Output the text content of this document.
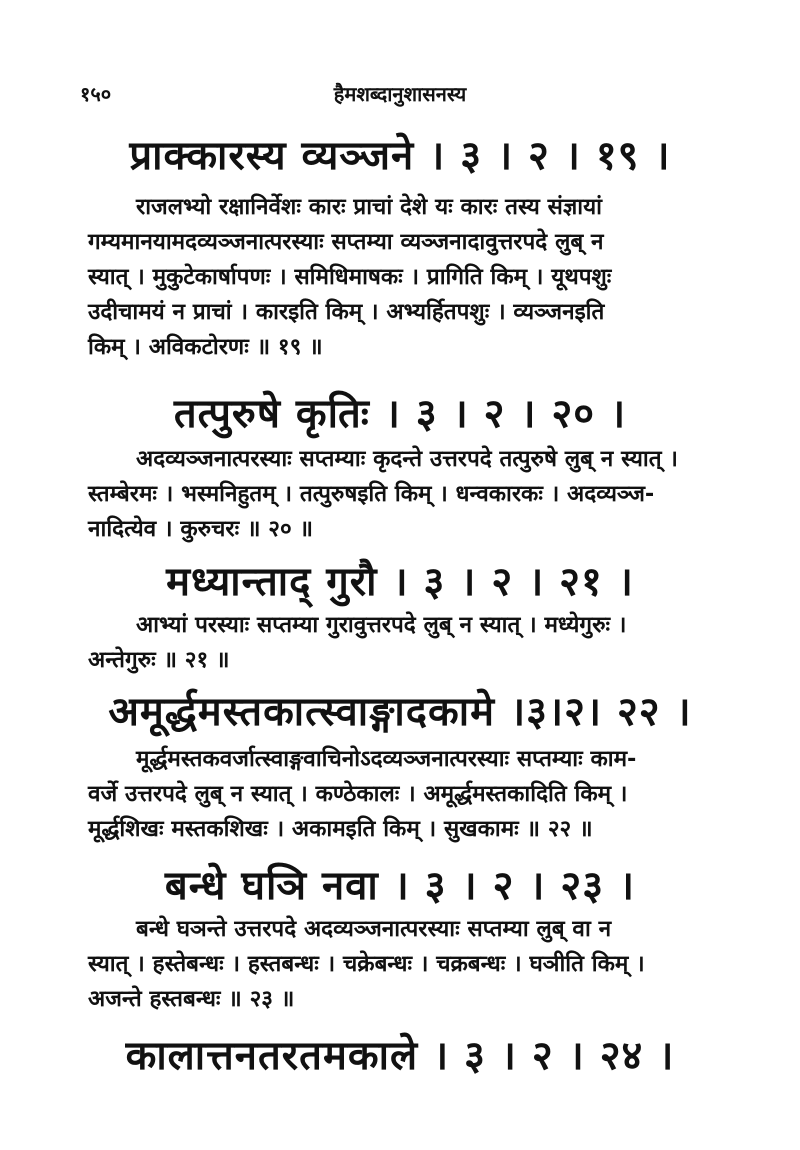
१५०	हैमशब्दानुशासनस्य
प्राक्कारस्य व्यञ्जने । ३ । २ । १९ ।
राजलभ्यो रक्षानिर्वेशः कारः प्राचां देशे यः कारः तस्य संज्ञायां
गम्यमानयामदव्यञ्जनात्परस्याः सप्तम्या व्यञ्जनादावुत्तरपदे लुब् न
स्यात् । मुकुटेकार्षापणः । समिधिमाषकः । प्रागिति किम् । यूथपशुः
उदीचामयं न प्राचां । कारइति किम् । अभ्यर्हितपशुः । व्यञ्जनइति
किम् । अविकटोरणः ॥ १९ ॥
तत्पुरुषे कृतिः । ३ । २ । २० ।
अदव्यञ्जनात्परस्याः सप्तम्याः कृदन्ते उत्तरपदे तत्पुरुषे लुब् न स्यात् ।
स्तम्बेरमः । भस्मनिहुतम् । तत्पुरुषइति किम् । धन्वकारकः । अदव्यञ्ज-
नादित्येव । कुरुचरः ॥ २० ॥
मध्यान्ताद् गुरौ । ३ । २ । २१ ।
आभ्यां परस्याः सप्तम्या गुरावुत्तरपदे लुब् न स्यात् । मध्येगुरुः ।
अन्तेगुरुः ॥ २१ ॥
अमूर्द्धमस्तकात्स्वाङ्गादकामे ।३।२। २२ ।
मूर्द्धमस्तकवर्जात्स्वाङ्गवाचिनोऽदव्यञ्जनात्परस्याः सप्तम्याः काम-
वर्जे उत्तरपदे लुब् न स्यात् । कण्ठेकालः । अमूर्द्धमस्तकादिति किम् ।
मूर्द्धशिखः मस्तकशिखः । अकामइति किम् । सुखकामः ॥ २२ ॥
बन्धे घञि नवा । ३ । २ । २३ ।
बन्धे घञन्ते उत्तरपदे अदव्यञ्जनात्परस्याः सप्तम्या लुब् वा न
स्यात् । हस्तेबन्धः । हस्तबन्धः । चक्रेबन्धः । चक्रबन्धः । घञीति किम् ।
अजन्ते हस्तबन्धः ॥ २३ ॥
कालात्तनतरतमकाले । ३ । २ । २४ ।
